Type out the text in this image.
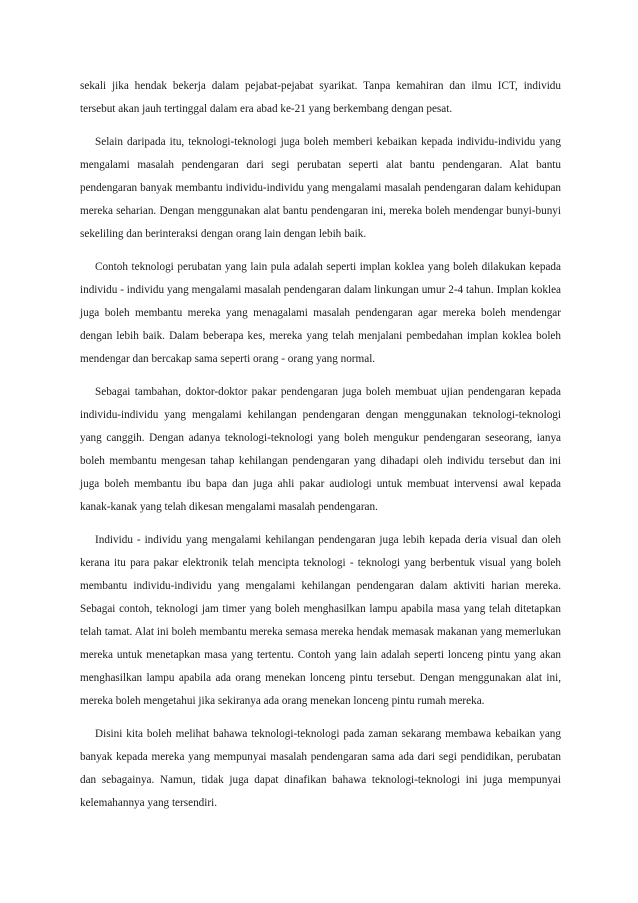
sekali jika hendak bekerja dalam pejabat-pejabat syarikat. Tanpa kemahiran dan ilmu ICT, individu tersebut akan jauh tertinggal dalam era abad ke-21 yang berkembang dengan pesat.

Selain daripada itu, teknologi-teknologi juga boleh memberi kebaikan kepada individu-individu yang mengalami masalah pendengaran dari segi perubatan seperti alat bantu pendengaran. Alat bantu pendengaran banyak membantu individu-individu yang mengalami masalah pendengaran dalam kehidupan mereka seharian. Dengan menggunakan alat bantu pendengaran ini, mereka boleh mendengar bunyi-bunyi sekeliling dan berinteraksi dengan orang lain dengan lebih baik.

Contoh teknologi perubatan yang lain pula adalah seperti implan koklea yang boleh dilakukan kepada individu - individu yang mengalami masalah pendengaran dalam linkungan umur 2-4 tahun. Implan koklea juga boleh membantu mereka yang menagalami masalah pendengaran agar mereka boleh mendengar dengan lebih baik. Dalam beberapa kes, mereka yang telah menjalani pembedahan implan koklea boleh mendengar dan bercakap sama seperti orang - orang yang normal.

Sebagai tambahan, doktor-doktor pakar pendengaran juga boleh membuat ujian pendengaran kepada individu-individu yang mengalami kehilangan pendengaran dengan menggunakan teknologi-teknologi yang canggih. Dengan adanya teknologi-teknologi yang boleh mengukur pendengaran seseorang, ianya boleh membantu mengesan tahap kehilangan pendengaran yang dihadapi oleh individu tersebut dan ini juga boleh membantu ibu bapa dan juga ahli pakar audiologi untuk membuat intervensi awal kepada kanak-kanak yang telah dikesan mengalami masalah pendengaran.

Individu - individu yang mengalami kehilangan pendengaran juga lebih kepada deria visual dan oleh kerana itu para pakar elektronik telah mencipta teknologi - teknologi yang berbentuk visual yang boleh membantu individu-individu yang mengalami kehilangan pendengaran dalam aktiviti harian mereka. Sebagai contoh, teknologi jam timer yang boleh menghasilkan lampu apabila masa yang telah ditetapkan telah tamat. Alat ini boleh membantu mereka semasa mereka hendak memasak makanan yang memerlukan mereka untuk menetapkan masa yang tertentu. Contoh yang lain adalah seperti lonceng pintu yang akan menghasilkan lampu apabila ada orang menekan lonceng pintu tersebut. Dengan menggunakan alat ini, mereka boleh mengetahui jika sekiranya ada orang menekan lonceng pintu rumah mereka.

Disini kita boleh melihat bahawa teknologi-teknologi pada zaman sekarang membawa kebaikan yang banyak kepada mereka yang mempunyai masalah pendengaran sama ada dari segi pendidikan, perubatan dan sebagainya. Namun, tidak juga dapat dinafikan bahawa teknologi-teknologi ini juga mempunyai kelemahannya yang tersendiri.
